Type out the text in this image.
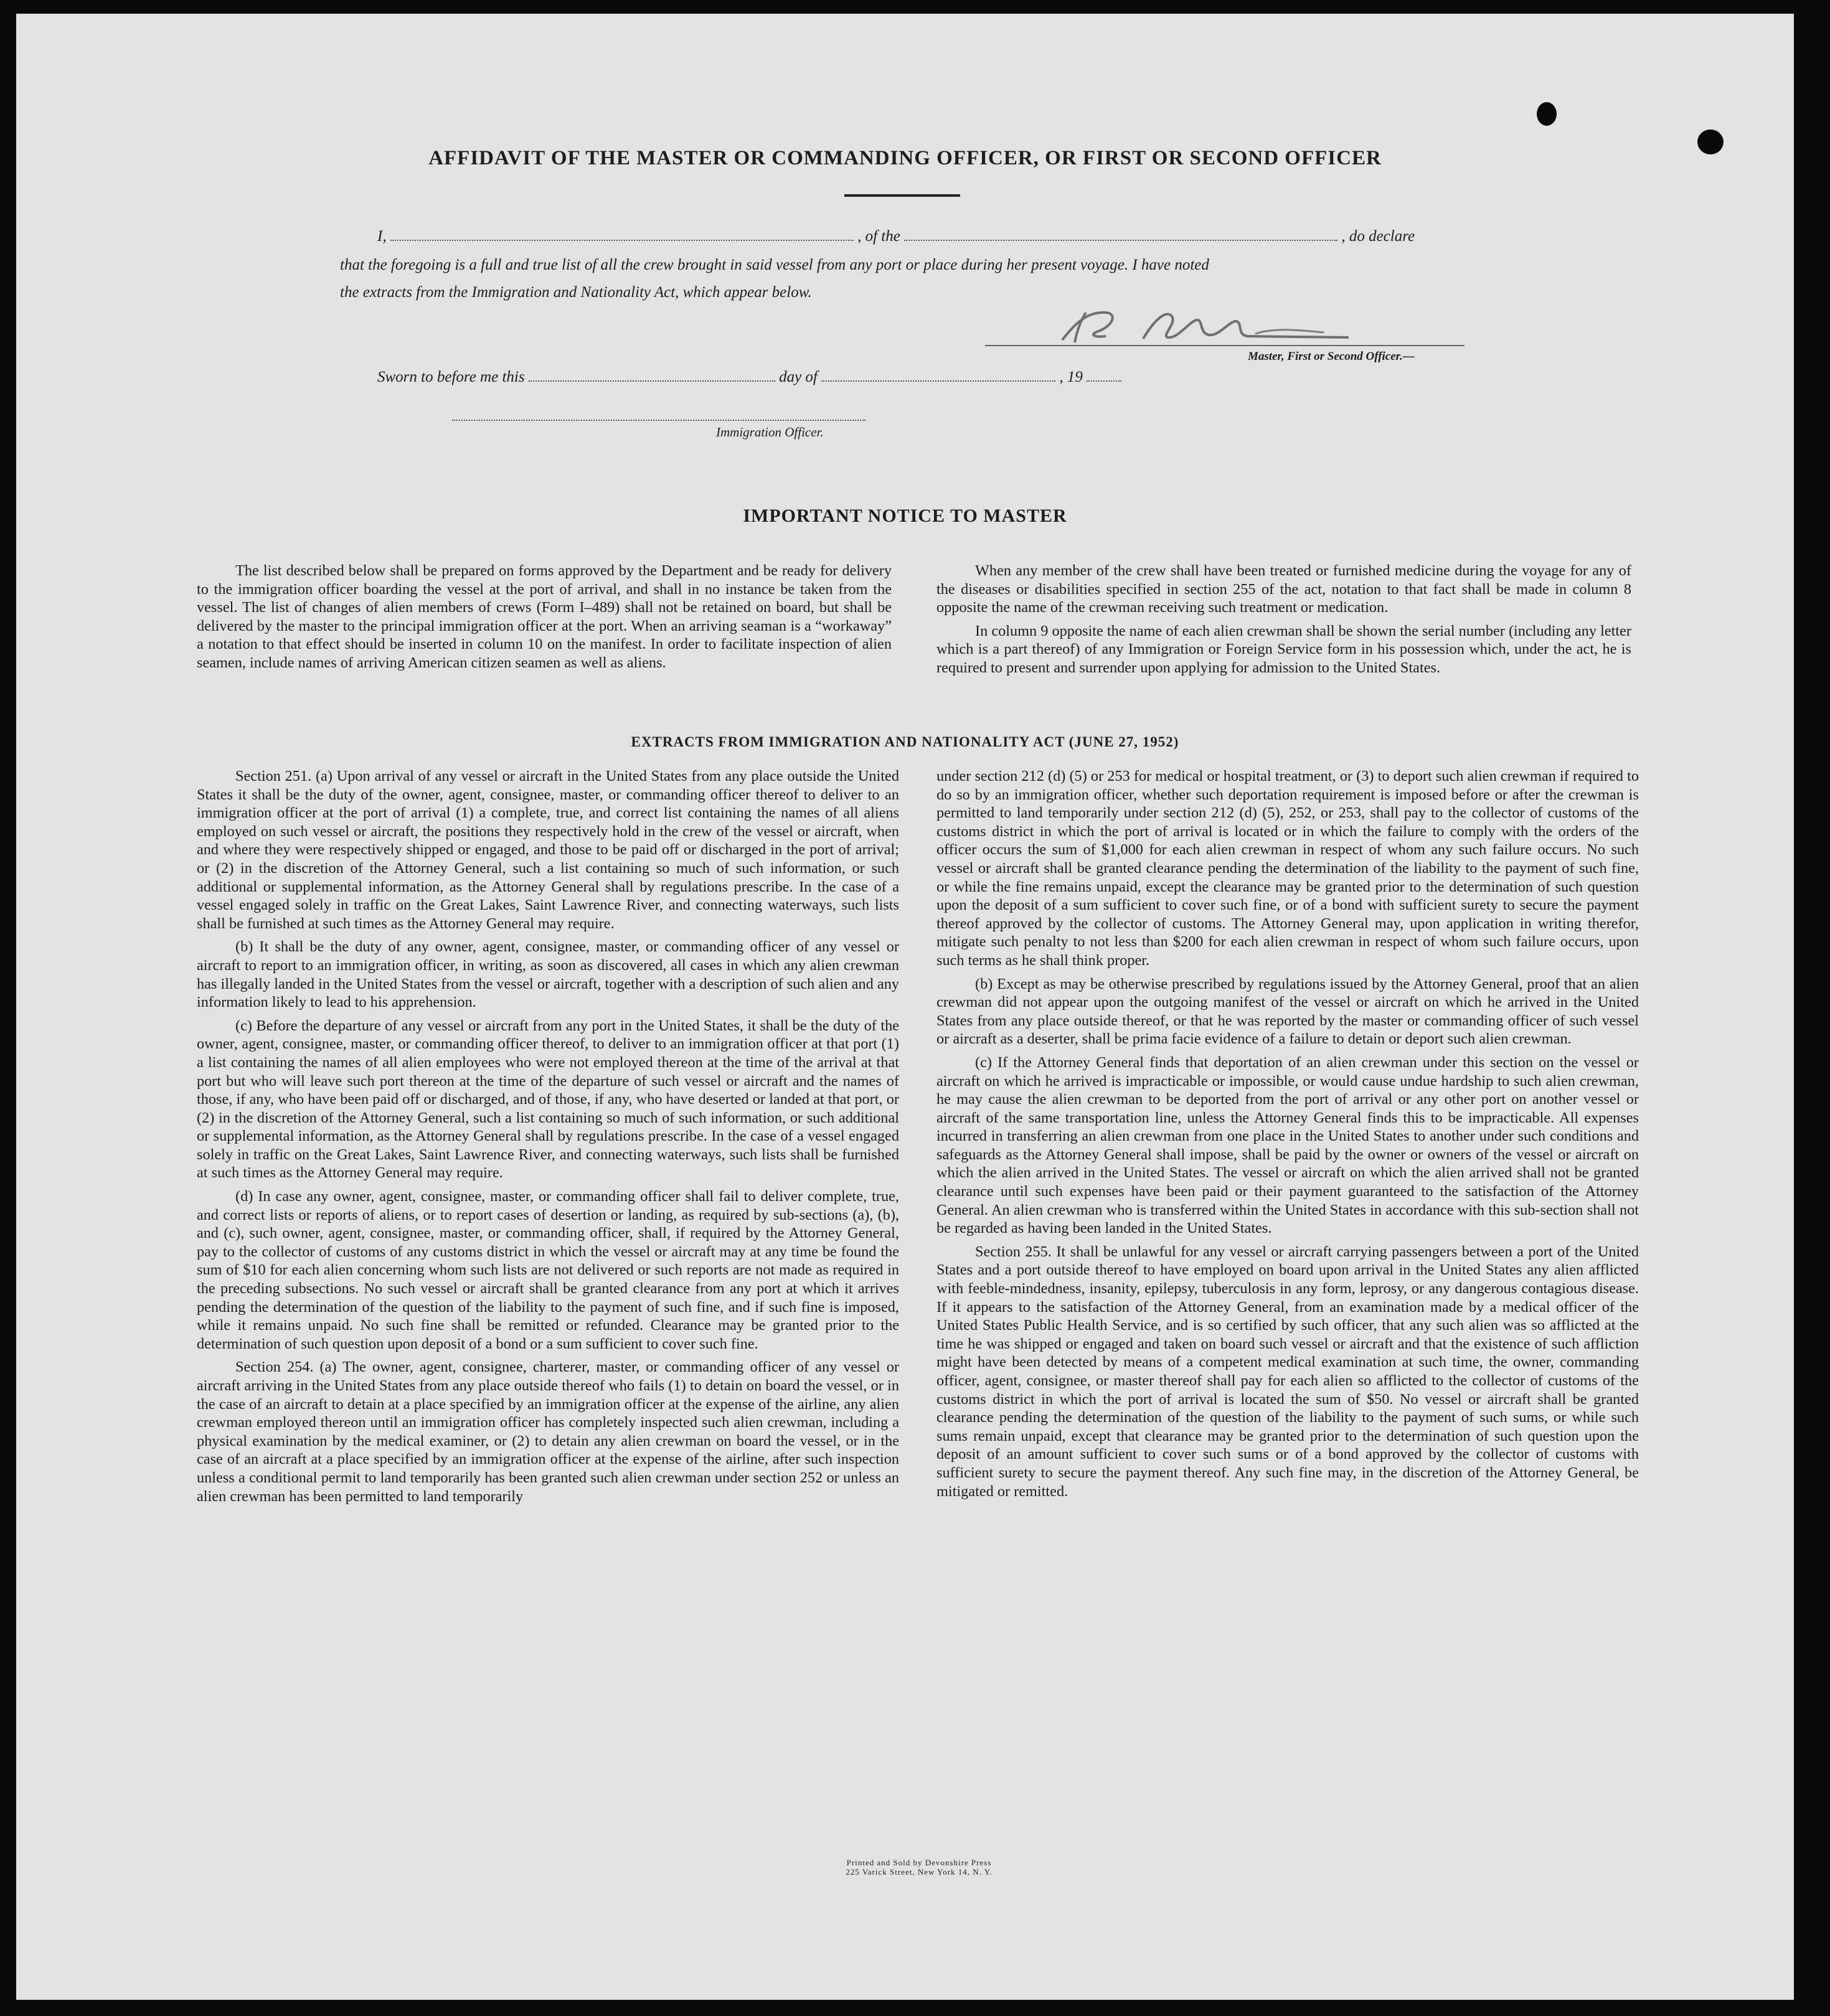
AFFIDAVIT OF THE MASTER OR COMMANDING OFFICER, OR FIRST OR SECOND OFFICER
I,	, of the	, do declare
that the foregoing is a full and true list of all the crew brought in said vessel from any port or place during her present voyage. I have noted
the extracts from the Immigration and Nationality Act, which appear below.
Master, First or Second Officer.—
Sworn to before me this	day of	, 19
Immigration Officer.
IMPORTANT NOTICE TO MASTER

The list described below shall be prepared on forms approved by the Department and be ready for delivery to the immigration officer boarding the vessel at the port of arrival, and shall in no instance be taken from the vessel. The list of changes of alien members of crews (Form I–489) shall not be retained on board, but shall be delivered by the master to the principal immigration officer at the port. When an arriving seaman is a “workaway” a notation to that effect should be inserted in column 10 on the manifest. In order to facilitate inspection of alien seamen, include names of arriving American citizen seamen as well as aliens.

When any member of the crew shall have been treated or furnished medicine during the voyage for any of the diseases or disabilities specified in section 255 of the act, notation to that fact shall be made in column 8 opposite the name of the crewman receiving such treatment or medication.

In column 9 opposite the name of each alien crewman shall be shown the serial number (including any letter which is a part thereof) of any Immigration or Foreign Service form in his possession which, under the act, he is required to present and surrender upon applying for admission to the United States.

EXTRACTS FROM IMMIGRATION AND NATIONALITY ACT (JUNE 27, 1952)

Section 251. (a) Upon arrival of any vessel or aircraft in the United States from any place outside the United States it shall be the duty of the owner, agent, consignee, master, or commanding officer thereof to deliver to an immigration officer at the port of arrival (1) a complete, true, and correct list containing the names of all aliens employed on such vessel or aircraft, the positions they respectively hold in the crew of the vessel or aircraft, when and where they were respectively shipped or engaged, and those to be paid off or discharged in the port of arrival; or (2) in the discretion of the Attorney General, such a list containing so much of such information, or such additional or supplemental information, as the Attorney General shall by regulations prescribe. In the case of a vessel engaged solely in traffic on the Great Lakes, Saint Lawrence River, and connecting waterways, such lists shall be furnished at such times as the Attorney General may require.

(b) It shall be the duty of any owner, agent, consignee, master, or commanding officer of any vessel or aircraft to report to an immigration officer, in writing, as soon as discovered, all cases in which any alien crewman has illegally landed in the United States from the vessel or aircraft, together with a description of such alien and any information likely to lead to his apprehension.

(c) Before the departure of any vessel or aircraft from any port in the United States, it shall be the duty of the owner, agent, consignee, master, or commanding officer thereof, to deliver to an immigration officer at that port (1) a list containing the names of all alien employees who were not employed thereon at the time of the arrival at that port but who will leave such port thereon at the time of the departure of such vessel or aircraft and the names of those, if any, who have been paid off or discharged, and of those, if any, who have deserted or landed at that port, or (2) in the discretion of the Attorney General, such a list containing so much of such information, or such additional or supplemental information, as the Attorney General shall by regulations prescribe. In the case of a vessel engaged solely in traffic on the Great Lakes, Saint Lawrence River, and connecting waterways, such lists shall be furnished at such times as the Attorney General may require.

(d) In case any owner, agent, consignee, master, or commanding officer shall fail to deliver complete, true, and correct lists or reports of aliens, or to report cases of desertion or landing, as required by sub-sections (a), (b), and (c), such owner, agent, consignee, master, or commanding officer, shall, if required by the Attorney General, pay to the collector of customs of any customs district in which the vessel or aircraft may at any time be found the sum of $10 for each alien concerning whom such lists are not delivered or such reports are not made as required in the preceding subsections. No such vessel or aircraft shall be granted clearance from any port at which it arrives pending the determination of the question of the liability to the payment of such fine, and if such fine is imposed, while it remains unpaid. No such fine shall be remitted or refunded. Clearance may be granted prior to the determination of such question upon deposit of a bond or a sum sufficient to cover such fine.

Section 254. (a) The owner, agent, consignee, charterer, master, or commanding officer of any vessel or aircraft arriving in the United States from any place outside thereof who fails (1) to detain on board the vessel, or in the case of an aircraft to detain at a place specified by an immigration officer at the expense of the airline, any alien crewman employed thereon until an immigration officer has completely inspected such alien crewman, including a physical examination by the medical examiner, or (2) to detain any alien crewman on board the vessel, or in the case of an aircraft at a place specified by an immigration officer at the expense of the airline, after such inspection unless a conditional permit to land temporarily has been granted such alien crewman under section 252 or unless an alien crewman has been permitted to land temporarily

under section 212 (d) (5) or 253 for medical or hospital treatment, or (3) to deport such alien crewman if required to do so by an immigration officer, whether such deportation requirement is imposed before or after the crewman is permitted to land temporarily under section 212 (d) (5), 252, or 253, shall pay to the collector of customs of the customs district in which the port of arrival is located or in which the failure to comply with the orders of the officer occurs the sum of $1,000 for each alien crewman in respect of whom any such failure occurs. No such vessel or aircraft shall be granted clearance pending the determination of the liability to the payment of such fine, or while the fine remains unpaid, except the clearance may be granted prior to the determination of such question upon the deposit of a sum sufficient to cover such fine, or of a bond with sufficient surety to secure the payment thereof approved by the collector of customs. The Attorney General may, upon application in writing therefor, mitigate such penalty to not less than $200 for each alien crewman in respect of whom such failure occurs, upon such terms as he shall think proper.

(b) Except as may be otherwise prescribed by regulations issued by the Attorney General, proof that an alien crewman did not appear upon the outgoing manifest of the vessel or aircraft on which he arrived in the United States from any place outside thereof, or that he was reported by the master or commanding officer of such vessel or aircraft as a deserter, shall be prima facie evidence of a failure to detain or deport such alien crewman.

(c) If the Attorney General finds that deportation of an alien crewman under this section on the vessel or aircraft on which he arrived is impracticable or impossible, or would cause undue hardship to such alien crewman, he may cause the alien crewman to be deported from the port of arrival or any other port on another vessel or aircraft of the same transportation line, unless the Attorney General finds this to be impracticable. All expenses incurred in transferring an alien crewman from one place in the United States to another under such conditions and safeguards as the Attorney General shall impose, shall be paid by the owner or owners of the vessel or aircraft on which the alien arrived in the United States. The vessel or aircraft on which the alien arrived shall not be granted clearance until such expenses have been paid or their payment guaranteed to the satisfaction of the Attorney General. An alien crewman who is transferred within the United States in accordance with this sub-section shall not be regarded as having been landed in the United States.

Section 255. It shall be unlawful for any vessel or aircraft carrying passengers between a port of the United States and a port outside thereof to have employed on board upon arrival in the United States any alien afflicted with feeble-mindedness, insanity, epilepsy, tuberculosis in any form, leprosy, or any dangerous contagious disease. If it appears to the satisfaction of the Attorney General, from an examination made by a medical officer of the United States Public Health Service, and is so certified by such officer, that any such alien was so afflicted at the time he was shipped or engaged and taken on board such vessel or aircraft and that the existence of such affliction might have been detected by means of a competent medical examination at such time, the owner, commanding officer, agent, consignee, or master thereof shall pay for each alien so afflicted to the collector of customs of the customs district in which the port of arrival is located the sum of $50. No vessel or aircraft shall be granted clearance pending the determination of the question of the liability to the payment of such sums, or while such sums remain unpaid, except that clearance may be granted prior to the determination of such question upon the deposit of an amount sufficient to cover such sums or of a bond approved by the collector of customs with sufficient surety to secure the payment thereof. Any such fine may, in the discretion of the Attorney General, be mitigated or remitted.

Printed and Sold by Devonshire Press
225 Varick Street, New York 14, N. Y.
